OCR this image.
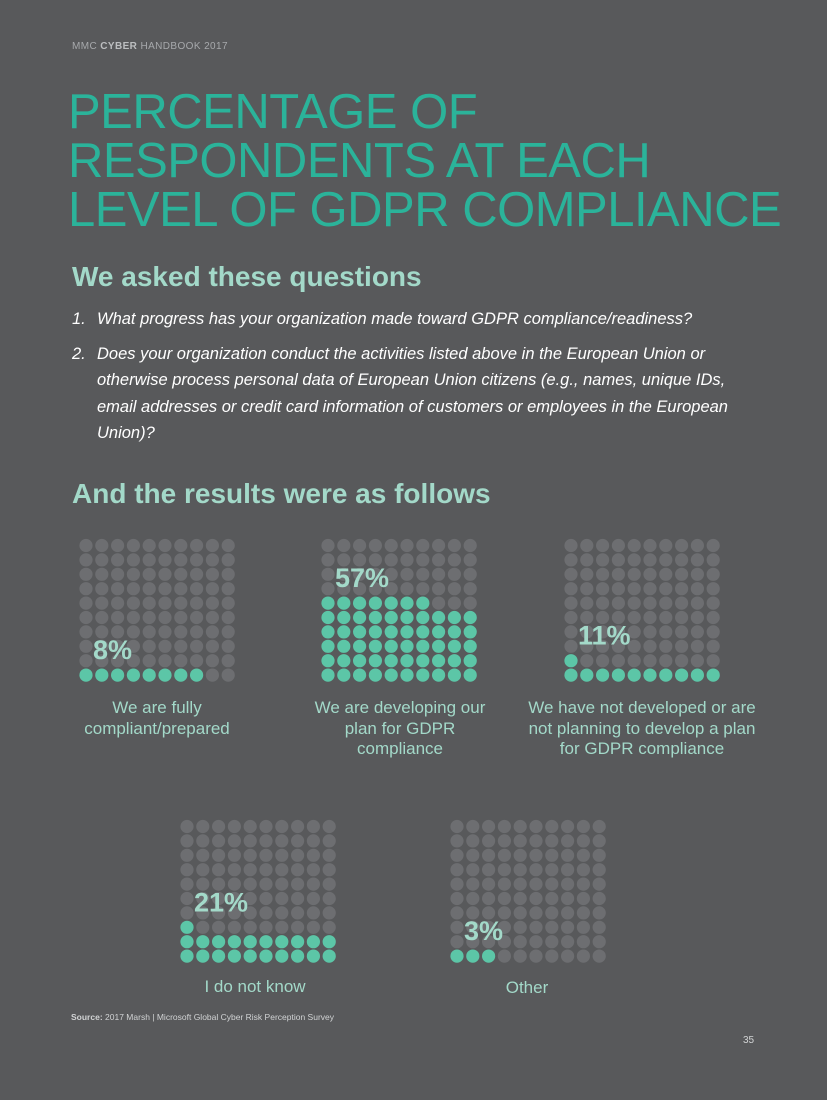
MMC CYBER HANDBOOK 2017
PERCENTAGE OF
RESPONDENTS AT EACH
LEVEL OF GDPR COMPLIANCE
We asked these questions
1. What progress has your organization made toward GDPR compliance/readiness?
2. Does your organization conduct the activities listed above in the European Union or otherwise process personal data of European Union citizens (e.g., names, unique IDs, email addresses or credit card information of customers or employees in the European Union)?
And the results were as follows
8%
57%
11%
21%
3%
We are fully compliant/prepared
We are developing our plan for GDPR compliance
We have not developed or are not planning to develop a plan for GDPR compliance
I do not know	Other
Source: 2017 Marsh | Microsoft Global Cyber Risk Perception Survey
35
